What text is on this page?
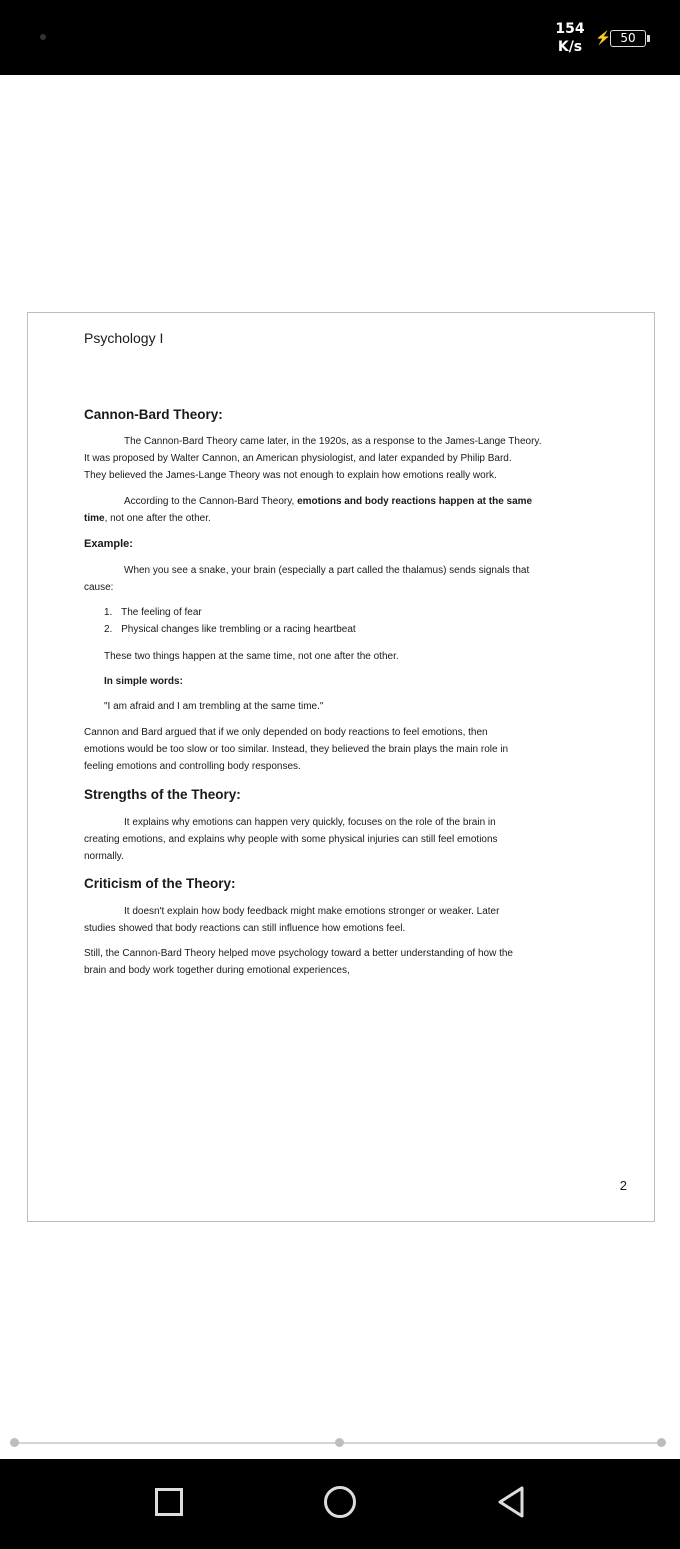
154
K/s
⚡ 50
Psychology I
Cannon-Bard Theory:
The Cannon-Bard Theory came later, in the 1920s, as a response to the James-Lange Theory.
It was proposed by Walter Cannon, an American physiologist, and later expanded by Philip Bard.
They believed the James-Lange Theory was not enough to explain how emotions really work.
According to the Cannon-Bard Theory, emotions and body reactions happen at the same
time, not one after the other.
Example:
When you see a snake, your brain (especially a part called the thalamus) sends signals that
cause:
1. The feeling of fear
2. Physical changes like trembling or a racing heartbeat
These two things happen at the same time, not one after the other.
In simple words:
"I am afraid and I am trembling at the same time."
Cannon and Bard argued that if we only depended on body reactions to feel emotions, then
emotions would be too slow or too similar. Instead, they believed the brain plays the main role in
feeling emotions and controlling body responses.
Strengths of the Theory:
It explains why emotions can happen very quickly, focuses on the role of the brain in
creating emotions, and explains why people with some physical injuries can still feel emotions
normally.
Criticism of the Theory:
It doesn't explain how body feedback might make emotions stronger or weaker. Later
studies showed that body reactions can still influence how emotions feel.
Still, the Cannon-Bard Theory helped move psychology toward a better understanding of how the
brain and body work together during emotional experiences,
2
